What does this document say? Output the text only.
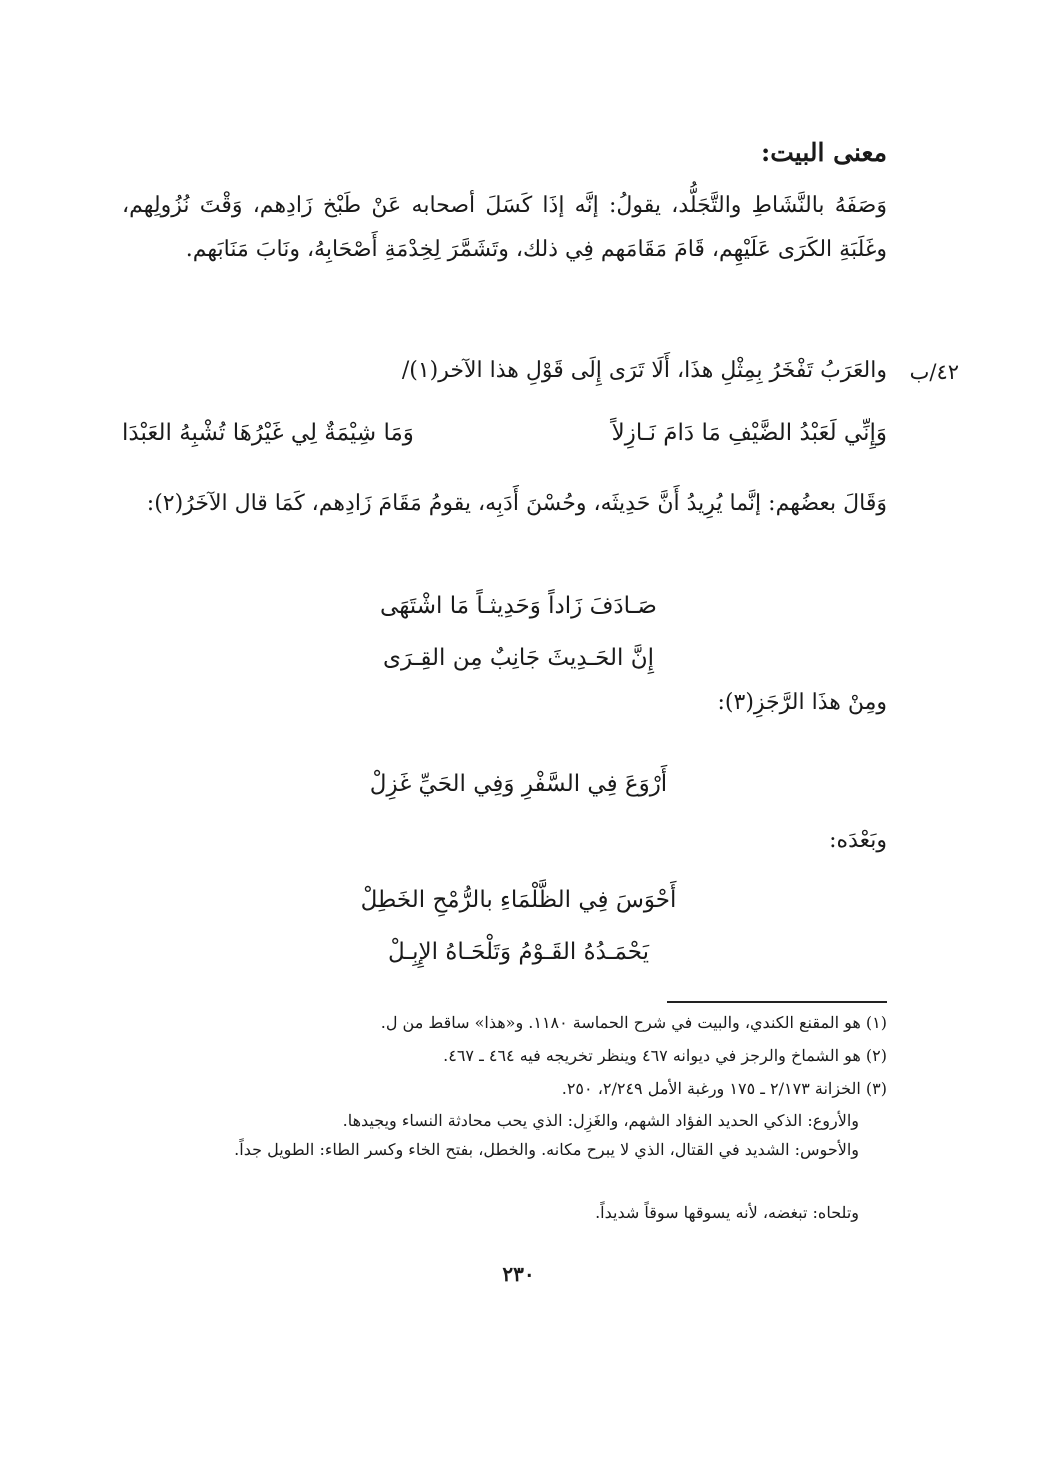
معنى البيت:
وَصَفَهُ بالنَّشَاطِ والتَّجَلُّد، يقولُ: إنَّه إذَا كَسَلَ أصحابه عَنْ طَبْخ زَادِهم، وَقْتَ نُزُولِهم، وغَلَبَةِ الكَرَى عَلَيْهِم، قَامَ مَقَامَهم فِي ذلك، وتَشَمَّرَ لِخِدْمَةِ أَصْحَابِهُ، ونَابَ مَنَابَهم.
٤٢/ب
والعَرَبُ تَفْخَرُ بِمِثْلِ هذَا، أَلَا تَرَى إِلَى قَوْلِ هذا الآخر(١)/
وَإِنِّي لَعَبْدُ الضَّيْفِ مَا دَامَ نَـازِلاً
وَمَا شِيْمَةٌ لِي غَيْرُهَا تُشْبِهُ العَبْدَا
وَقَالَ بعضُهم: إنَّما يُرِيدُ أَنَّ حَدِيثَه، وحُسْنَ أَدَبِه، يقومُ مَقَامَ زَادِهم، كَمَا قال الآخَرُ(٢):
صَـادَفَ زَاداً وَحَدِيثـاً مَا اشْتَهَى
إِنَّ الحَـدِيثَ جَانِبٌ مِن القِـرَى
ومِنْ هذَا الرَّجَزِ(٣):
أَرْوَعَ فِي السَّفْرِ وَفِي الحَيِّ غَزِلْ
وبَعْدَه:
أَحْوَسَ فِي الظَّلْمَاءِ بالرُّمْحِ الخَطِلْ
يَحْمَـدُهُ القَـوْمُ وَتَلْحَـاهُ الإِبِـلْ
(١) هو المقنع الكندي، والبيت في شرح الحماسة ١١٨٠. و«هذا» ساقط من ل.
(٢) هو الشماخ والرجز في ديوانه ٤٦٧ وينظر تخريجه فيه ٤٦٤ ـ ٤٦٧.
(٣) الخزانة ٢/١٧٣ ـ ١٧٥ ورغبة الأمل ٢/٢٤٩، ٢٥٠.
والأروع: الذكي الحديد الفؤاد الشهم، والغَزِل: الذي يحب محادثة النساء ويجيدها.
والأحوس: الشديد في القتال، الذي لا يبرح مكانه. والخطل، بفتح الخاء وكسر الطاء: الطويل جداً.
وتلحاه: تبغضه، لأنه يسوقها سوقاً شديداً.
٢٣٠
